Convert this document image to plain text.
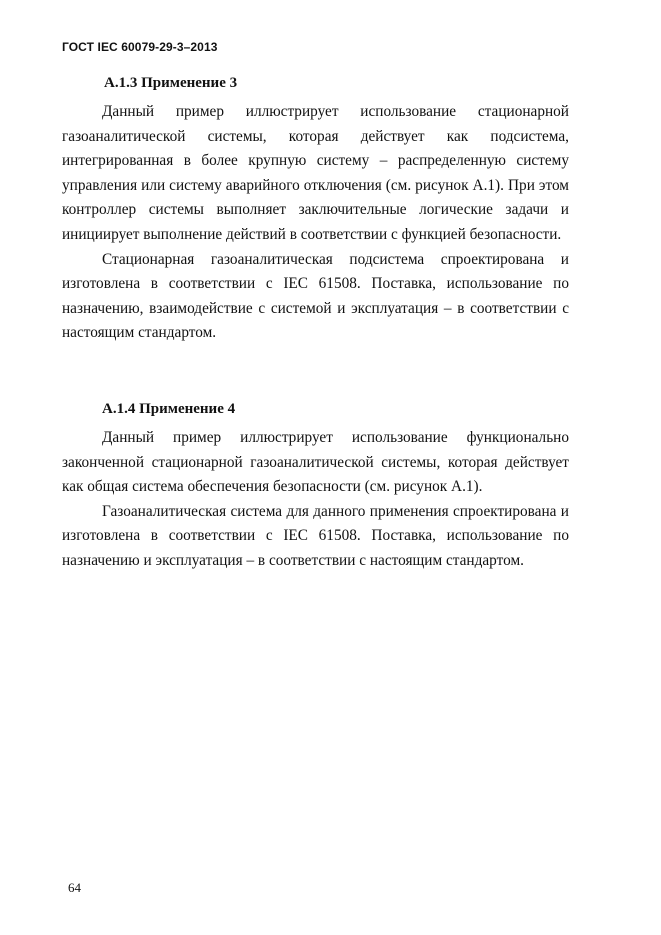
ГОСТ IEC 60079-29-3–2013
А.1.3 Применение 3

Данный пример иллюстрирует использование стационарной газоаналитической системы, которая действует как подсистема, интегрированная в более крупную систему – распределенную систему управления или систему аварийного отключения (см. рисунок А.1). При этом контроллер системы выполняет заключительные логические задачи и инициирует выполнение действий в соответствии с функцией безопасности.

Стационарная газоаналитическая подсистема спроектирована и изготовлена в соответствии с IEC 61508. Поставка, использование по назначению, взаимодействие с системой и эксплуатация – в соответствии с настоящим стандартом.

А.1.4 Применение 4

Данный пример иллюстрирует использование функционально законченной стационарной газоаналитической системы, которая действует как общая система обеспечения безопасности (см. рисунок А.1).

Газоаналитическая система для данного применения спроектирована и изготовлена в соответствии с IEC 61508. Поставка, использование по назначению и эксплуатация – в соответствии с настоящим стандартом.

64
